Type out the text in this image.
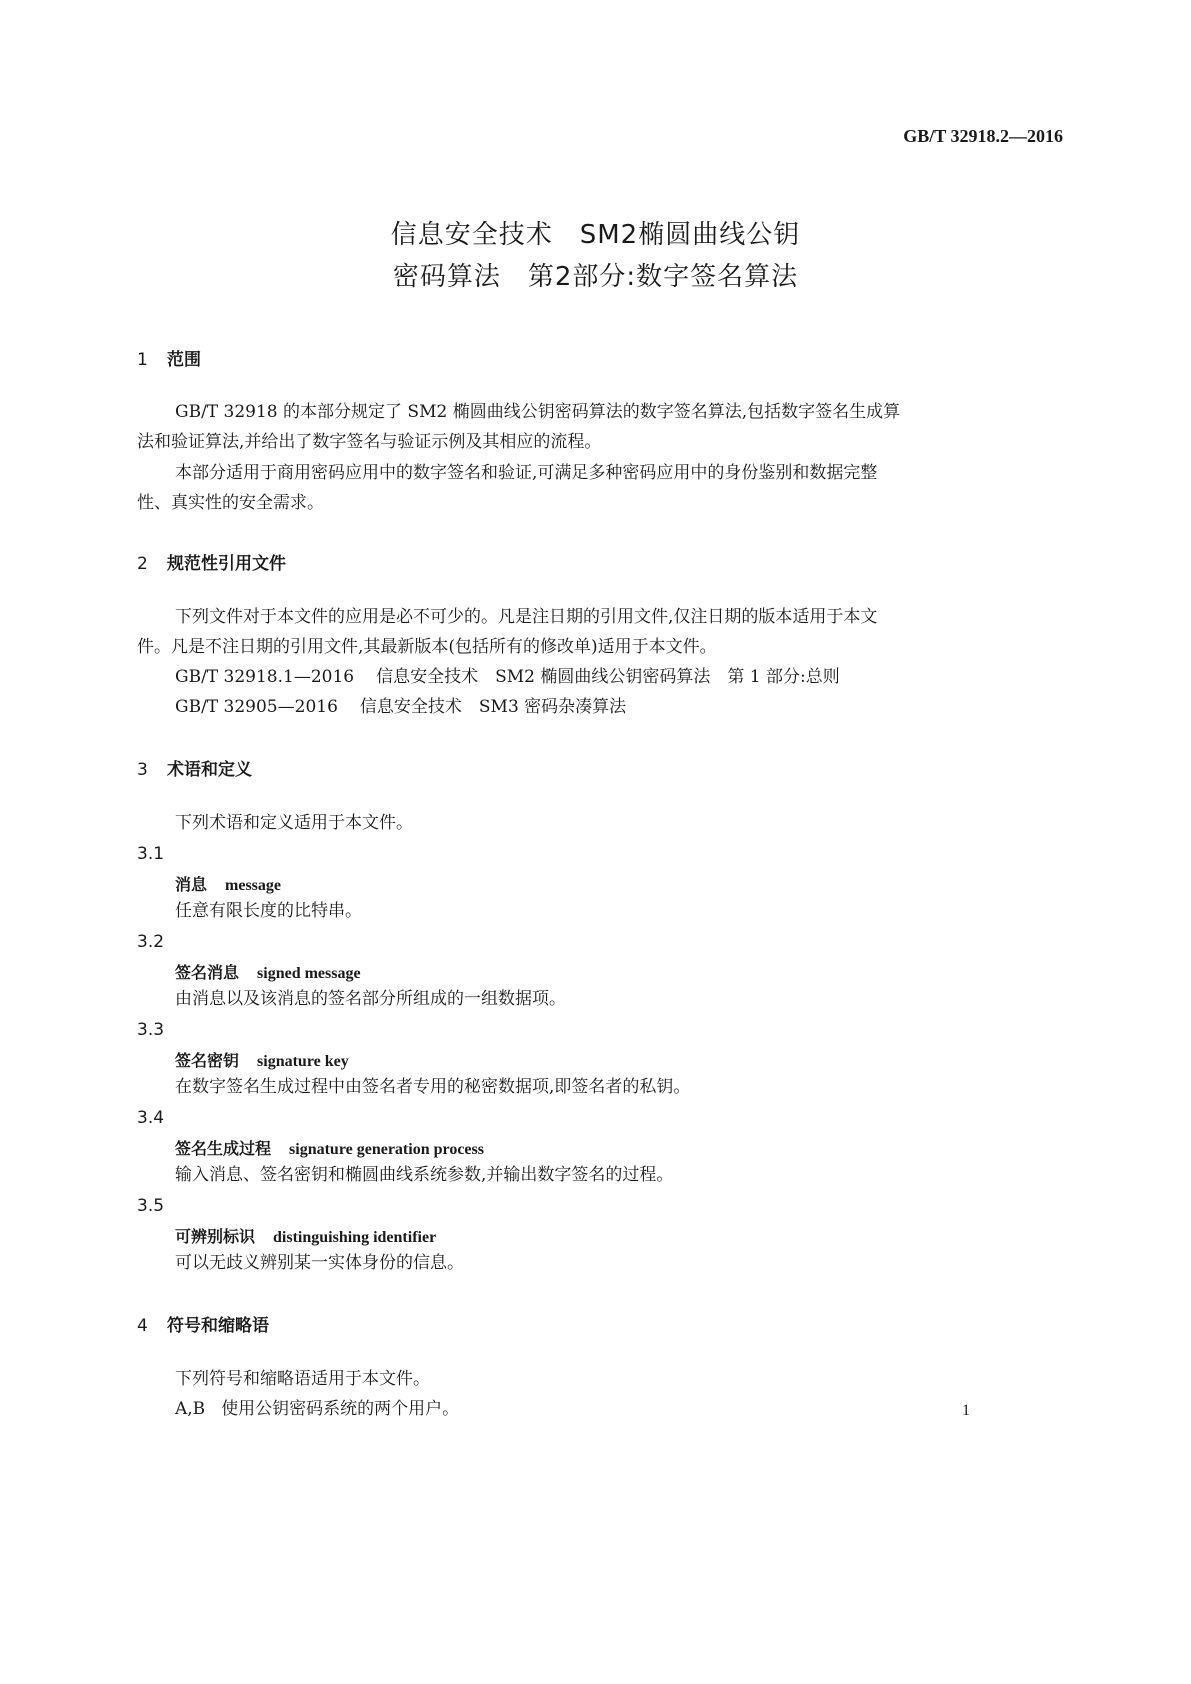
GB/T 32918.2—2016
信息安全技术　SM2椭圆曲线公钥
密码算法　第2部分:数字签名算法
1 范围
GB/T 32918 的本部分规定了 SM2 椭圆曲线公钥密码算法的数字签名算法,包括数字签名生成算
法和验证算法,并给出了数字签名与验证示例及其相应的流程。
本部分适用于商用密码应用中的数字签名和验证,可满足多种密码应用中的身份鉴别和数据完整
性、真实性的安全需求。
2 规范性引用文件
下列文件对于本文件的应用是必不可少的。凡是注日期的引用文件,仅注日期的版本适用于本文
件。凡是不注日期的引用文件,其最新版本(包括所有的修改单)适用于本文件。
GB/T 32918.1—2016 信息安全技术　SM2 椭圆曲线公钥密码算法　第 1 部分:总则
GB/T 32905—2016 信息安全技术　SM3 密码杂凑算法
3 术语和定义
下列术语和定义适用于本文件。
3.1
消息 message
任意有限长度的比特串。
3.2
签名消息 signed message
由消息以及该消息的签名部分所组成的一组数据项。
3.3
签名密钥 signature key
在数字签名生成过程中由签名者专用的秘密数据项,即签名者的私钥。
3.4
签名生成过程 signature generation process
输入消息、签名密钥和椭圆曲线系统参数,并输出数字签名的过程。
3.5
可辨别标识 distinguishing identifier
可以无歧义辨别某一实体身份的信息。
4 符号和缩略语
下列符号和缩略语适用于本文件。
A,B 使用公钥密码系统的两个用户。	1
